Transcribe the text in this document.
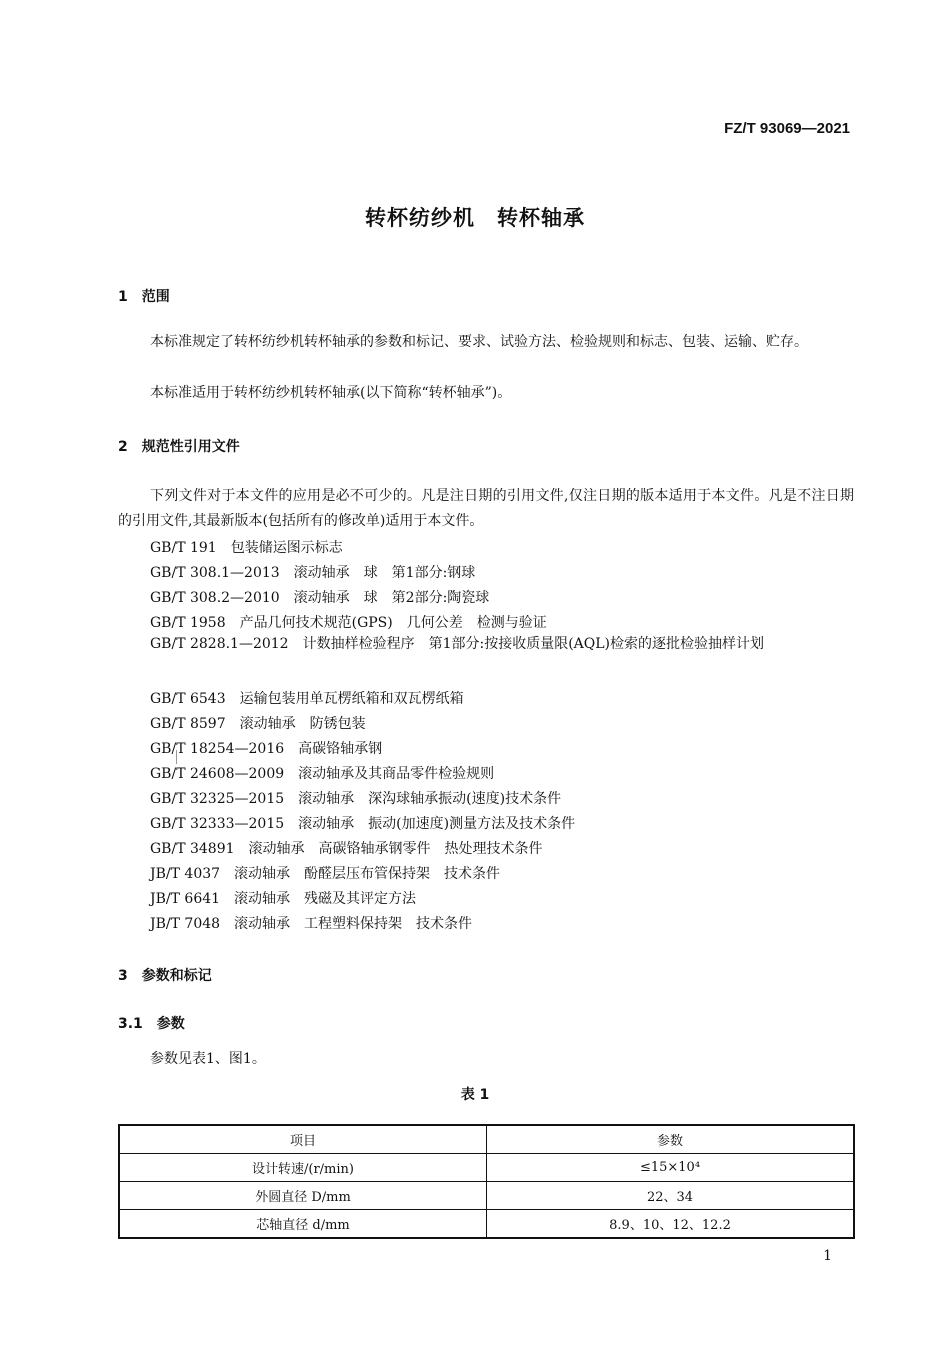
FZ/T 93069—2021
转杯纺纱机　转杯轴承
1　范围
本标准规定了转杯纺纱机转杯轴承的参数和标记、要求、试验方法、检验规则和标志、包装、运输、贮存。
本标准适用于转杯纺纱机转杯轴承(以下简称“转杯轴承”)。
2　规范性引用文件
下列文件对于本文件的应用是必不可少的。凡是注日期的引用文件,仅注日期的版本适用于本文件。凡是不注日期的引用文件,其最新版本(包括所有的修改单)适用于本文件。
GB/T 191　包装储运图示标志
GB/T 308.1—2013　滚动轴承　球　第1部分:钢球
GB/T 308.2—2010　滚动轴承　球　第2部分:陶瓷球
GB/T 1958　产品几何技术规范(GPS)　几何公差　检测与验证
GB/T 2828.1—2012　计数抽样检验程序　第1部分:按接收质量限(AQL)检索的逐批检验抽样计划
GB/T 6543　运输包装用单瓦楞纸箱和双瓦楞纸箱
GB/T 8597　滚动轴承　防锈包装
GB/T 18254—2016　高碳铬轴承钢
GB/T 24608—2009　滚动轴承及其商品零件检验规则
GB/T 32325—2015　滚动轴承　深沟球轴承振动(速度)技术条件
GB/T 32333—2015　滚动轴承　振动(加速度)测量方法及技术条件
GB/T 34891　滚动轴承　高碳铬轴承钢零件　热处理技术条件
JB/T 4037　滚动轴承　酚醛层压布管保持架　技术条件
JB/T 6641　滚动轴承　残磁及其评定方法
JB/T 7048　滚动轴承　工程塑料保持架　技术条件
3　参数和标记
3.1　参数
参数见表1、图1。
表 1
项目	参数
设计转速/(r/min)	≤15×10⁴
外圆直径 D/mm	22、34
芯轴直径 d/mm	8.9、10、12、12.2
1
